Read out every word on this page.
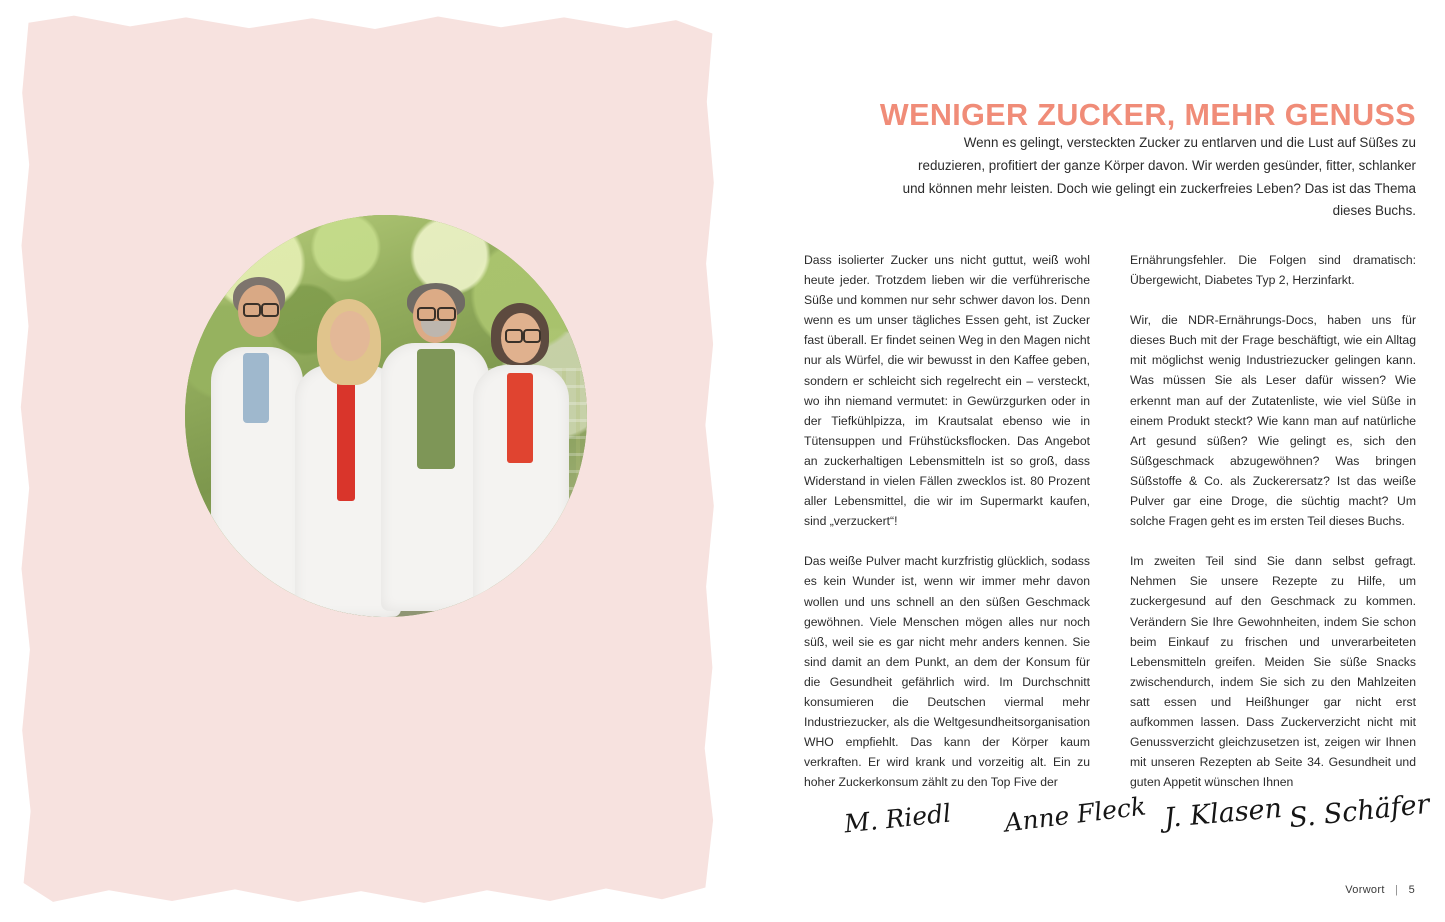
WENIGER ZUCKER, MEHR GENUSS
Wenn es gelingt, versteckten Zucker zu entlarven und die Lust auf Süßes zu reduzieren, profitiert der ganze Körper davon. Wir werden gesünder, fitter, schlanker und können mehr leisten. Doch wie gelingt ein zuckerfreies Leben? Das ist das Thema dieses Buchs.

Dass isolierter Zucker uns nicht guttut, weiß wohl heute jeder. Trotzdem lieben wir die verführerische Süße und kommen nur sehr schwer davon los. Denn wenn es um unser tägliches Essen geht, ist Zucker fast überall. Er findet seinen Weg in den Magen nicht nur als Würfel, die wir bewusst in den Kaffee geben, sondern er schleicht sich regelrecht ein – versteckt, wo ihn niemand vermutet: in Gewürzgurken oder in der Tiefkühlpizza, im Krautsalat ebenso wie in Tütensuppen und Frühstücksflocken. Das Angebot an zuckerhaltigen Lebensmitteln ist so groß, dass Widerstand in vielen Fällen zwecklos ist. 80 Prozent aller Lebensmittel, die wir im Supermarkt kaufen, sind „verzuckert“!

Das weiße Pulver macht kurzfristig glücklich, sodass es kein Wunder ist, wenn wir immer mehr davon wollen und uns schnell an den süßen Geschmack gewöhnen. Viele Menschen mögen alles nur noch süß, weil sie es gar nicht mehr anders kennen. Sie sind damit an dem Punkt, an dem der Konsum für die Gesundheit gefährlich wird. Im Durchschnitt konsumieren die Deutschen viermal mehr Industriezucker, als die Weltgesundheitsorganisation WHO empfiehlt. Das kann der Körper kaum verkraften. Er wird krank und vorzeitig alt. Ein zu hoher Zuckerkonsum zählt zu den Top Five der

Ernährungsfehler. Die Folgen sind dramatisch: Übergewicht, Diabetes Typ 2, Herzinfarkt.

Wir, die NDR-Ernährungs-Docs, haben uns für dieses Buch mit der Frage beschäftigt, wie ein Alltag mit möglichst wenig Industriezucker gelingen kann. Was müssen Sie als Leser dafür wissen? Wie erkennt man auf der Zutatenliste, wie viel Süße in einem Produkt steckt? Wie kann man auf natürliche Art gesund süßen? Wie gelingt es, sich den Süßgeschmack abzugewöhnen? Was bringen Süßstoffe & Co. als Zuckerersatz? Ist das weiße Pulver gar eine Droge, die süchtig macht? Um solche Fragen geht es im ersten Teil dieses Buchs.

Im zweiten Teil sind Sie dann selbst gefragt. Nehmen Sie unsere Rezepte zu Hilfe, um zuckergesund auf den Geschmack zu kommen. Verändern Sie Ihre Gewohnheiten, indem Sie schon beim Einkauf zu frischen und unverarbeiteten Lebensmitteln greifen. Meiden Sie süße Snacks zwischendurch, indem Sie sich zu den Mahlzeiten satt essen und Heißhunger gar nicht erst aufkommen lassen. Dass Zuckerverzicht nicht mit Genussverzicht gleichzusetzen ist, zeigen wir Ihnen mit unseren Rezepten ab Seite 34. Gesundheit und guten Appetit wünschen Ihnen

M. Riedl Anne Fleck J. Klasen S. Schäfer
Vorwort | 5
